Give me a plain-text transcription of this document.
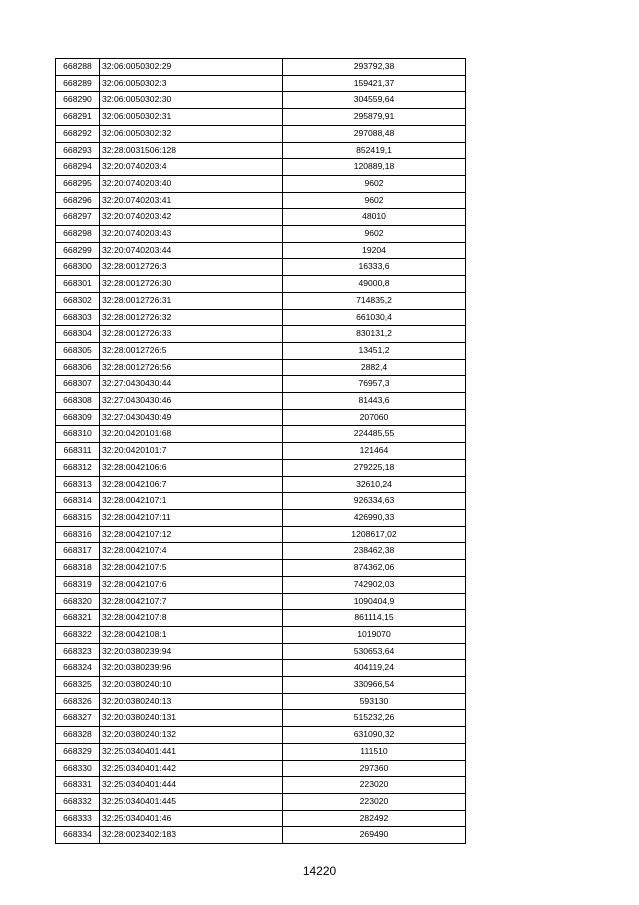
668288	32:06:0050302:29	293792,38
668289	32:06:0050302:3	159421,37
668290	32:06:0050302:30	304559,64
668291	32:06:0050302:31	295879,91
668292	32:06:0050302:32	297088,48
668293	32:28:0031506:128	852419,1
668294	32:20:0740203:4	120889,18
668295	32:20:0740203:40	9602
668296	32:20:0740203:41	9602
668297	32:20:0740203:42	48010
668298	32:20:0740203:43	9602
668299	32:20:0740203:44	19204
668300	32:28:0012726:3	16333,6
668301	32:28:0012726:30	49000,8
668302	32:28:0012726:31	714835,2
668303	32:28:0012726:32	661030,4
668304	32:28:0012726:33	830131,2
668305	32:28:0012726:5	13451,2
668306	32:28:0012726:56	2882,4
668307	32:27:0430430:44	76957,3
668308	32:27:0430430:46	81443,6
668309	32:27:0430430:49	207060
668310	32:20:0420101:68	224485,55
668311	32:20:0420101:7	121464
668312	32:28:0042106:6	279225,18
668313	32:28:0042106:7	32610,24
668314	32:28:0042107:1	926334,63
668315	32:28:0042107:11	426990,33
668316	32:28:0042107:12	1208617,02
668317	32:28:0042107:4	238462,38
668318	32:28:0042107:5	874362,06
668319	32:28:0042107:6	742902,03
668320	32:28:0042107:7	1090404,9
668321	32:28:0042107:8	861114,15
668322	32:28:0042108:1	1019070
668323	32:20:0380239:94	530653,64
668324	32:20:0380239:96	404119,24
668325	32:20:0380240:10	330966,54
668326	32:20:0380240:13	593130
668327	32:20:0380240:131	515232,26
668328	32:20:0380240:132	631090,32
668329	32:25:0340401:441	111510
668330	32:25:0340401:442	297360
668331	32:25:0340401:444	223020
668332	32:25:0340401:445	223020
668333	32:25:0340401:46	282492
668334	32:28:0023402:183	269490
14220
